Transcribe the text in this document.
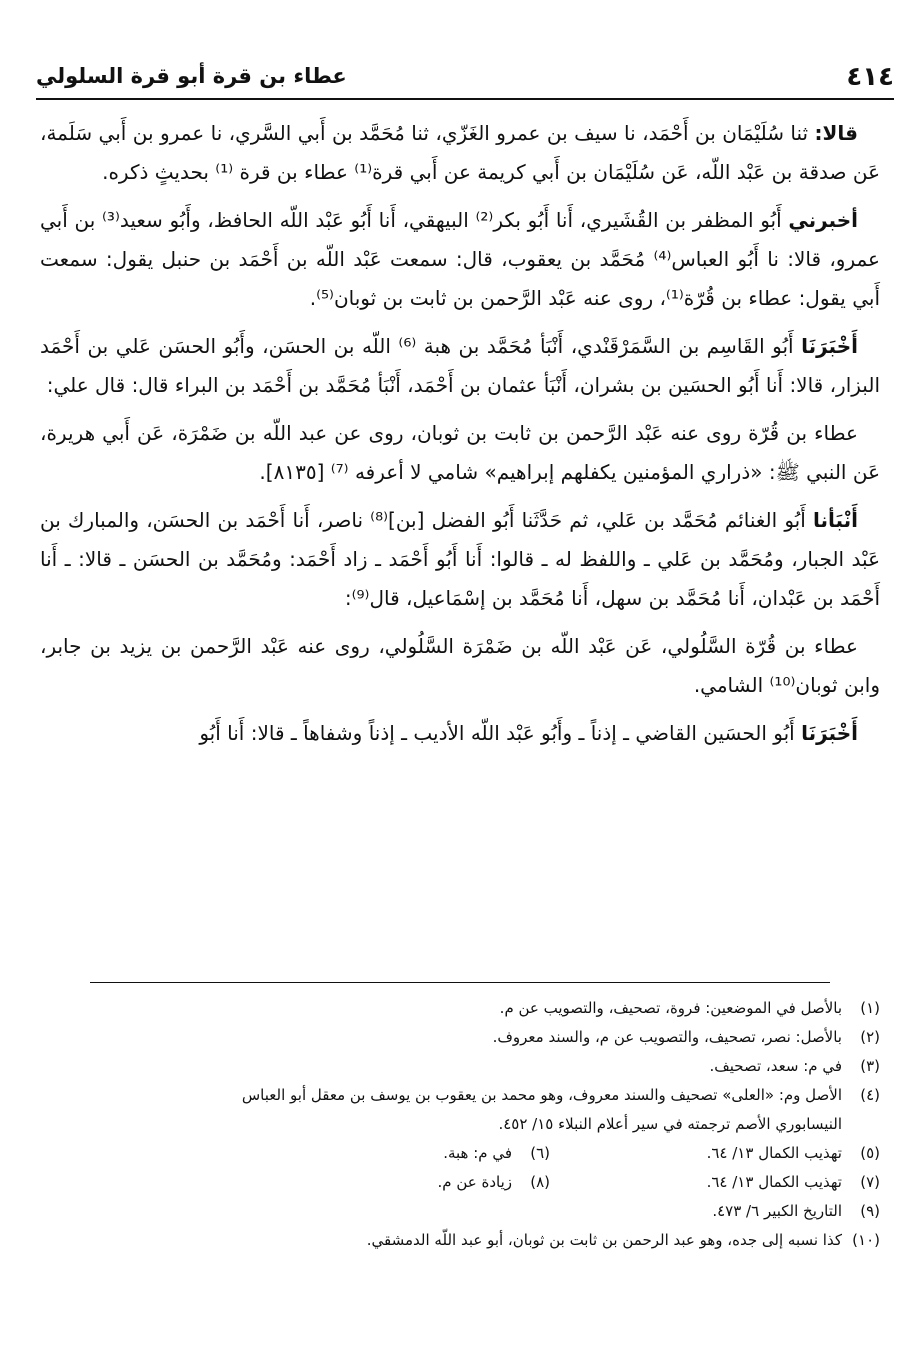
٤١٤
عطاء بن قرة أبو قرة السلولي

قالا: ثنا سُلَيْمَان بن أَحْمَد، نا سيف بن عمرو الغَزّي، ثنا مُحَمَّد بن أَبي السَّري، نا عمرو بن أَبي سَلَمة، عَن صدقة بن عَبْد اللّه، عَن سُلَيْمَان بن أَبي كريمة عن أَبي قرة⁽¹⁾ عطاء بن قرة ⁽¹⁾ بحديثٍ ذكره.

أخبرني أَبُو المظفر بن القُشَيري، أَنا أَبُو بكر⁽²⁾ البيهقي، أَنا أَبُو عَبْد اللّه الحافظ، وأَبُو سعيد⁽³⁾ بن أَبي عمرو، قالا: نا أَبُو العباس⁽⁴⁾ مُحَمَّد بن يعقوب، قال: سمعت عَبْد اللّه بن أَحْمَد بن حنبل يقول: سمعت أَبي يقول: عطاء بن قُرّة⁽¹⁾، روى عنه عَبْد الرَّحمن بن ثابت بن ثوبان⁽⁵⁾.

أَخْبَرَنَا أَبُو القَاسِم بن السَّمَرْقَنْدي، أَنْبَأ مُحَمَّد بن هبة ⁽⁶⁾ اللّه بن الحسَن، وأَبُو الحسَن عَلي بن أَحْمَد البزار، قالا: أَنا أَبُو الحسَين بن بشران، أَنْبَأ عثمان بن أَحْمَد، أَنْبَأ مُحَمَّد بن أَحْمَد بن البراء قال: قال علي:

عطاء بن قُرّة روى عنه عَبْد الرَّحمن بن ثابت بن ثوبان، روى عن عبد اللّه بن ضَمْرَة، عَن أَبي هريرة، عَن النبي ﷺ: «ذراري المؤمنين يكفلهم إبراهيم» شامي لا أعرفه ⁽⁷⁾ [٨١٣٥].

أَنْبَأنا أَبُو الغنائم مُحَمَّد بن عَلي، ثم حَدَّثَنا أَبُو الفضل [بن]⁽⁸⁾ ناصر، أَنا أَحْمَد بن الحسَن، والمبارك بن عَبْد الجبار، ومُحَمَّد بن عَلي ـ واللفظ له ـ قالوا: أَنا أَبُو أَحْمَد ـ زاد أَحْمَد: ومُحَمَّد بن الحسَن ـ قالا: ـ أَنا أَحْمَد بن عَبْدان، أَنا مُحَمَّد بن سهل، أَنا مُحَمَّد بن إسْمَاعيل، قال⁽⁹⁾:

عطاء بن قُرّة السَّلُولي، عَن عَبْد اللّه بن ضَمْرَة السَّلُولي، روى عنه عَبْد الرَّحمن بن يزيد بن جابر، وابن ثوبان⁽¹⁰⁾ الشامي.

أَخْبَرَنَا أَبُو الحسَين القاضي ـ إذناً ـ وأَبُو عَبْد اللّه الأديب ـ إذناً وشفاهاً ـ قالا: أَنا أَبُو

(١)بالأصل في الموضعين: فروة، تصحيف، والتصويب عن م.

(٢)بالأصل: نصر، تصحيف، والتصويب عن م، والسند معروف.

(٣)في م: سعد، تصحيف.

(٤)الأصل وم: «العلى» تصحيف والسند معروف، وهو محمد بن يعقوب بن يوسف بن معقل أبو العباس

النيسابوري الأصم ترجمته في سير أعلام النبلاء ١٥/ ٤٥٢.

(٥)تهذيب الكمال ١٣/ ٦٤.
(٦)في م: هبة.
(٧)تهذيب الكمال ١٣/ ٦٤.
(٨)زيادة عن م.

(٩)التاريخ الكبير ٦/ ٤٧٣.

(١٠)كذا نسبه إلى جده، وهو عبد الرحمن بن ثابت بن ثوبان، أبو عبد اللّه الدمشقي.
